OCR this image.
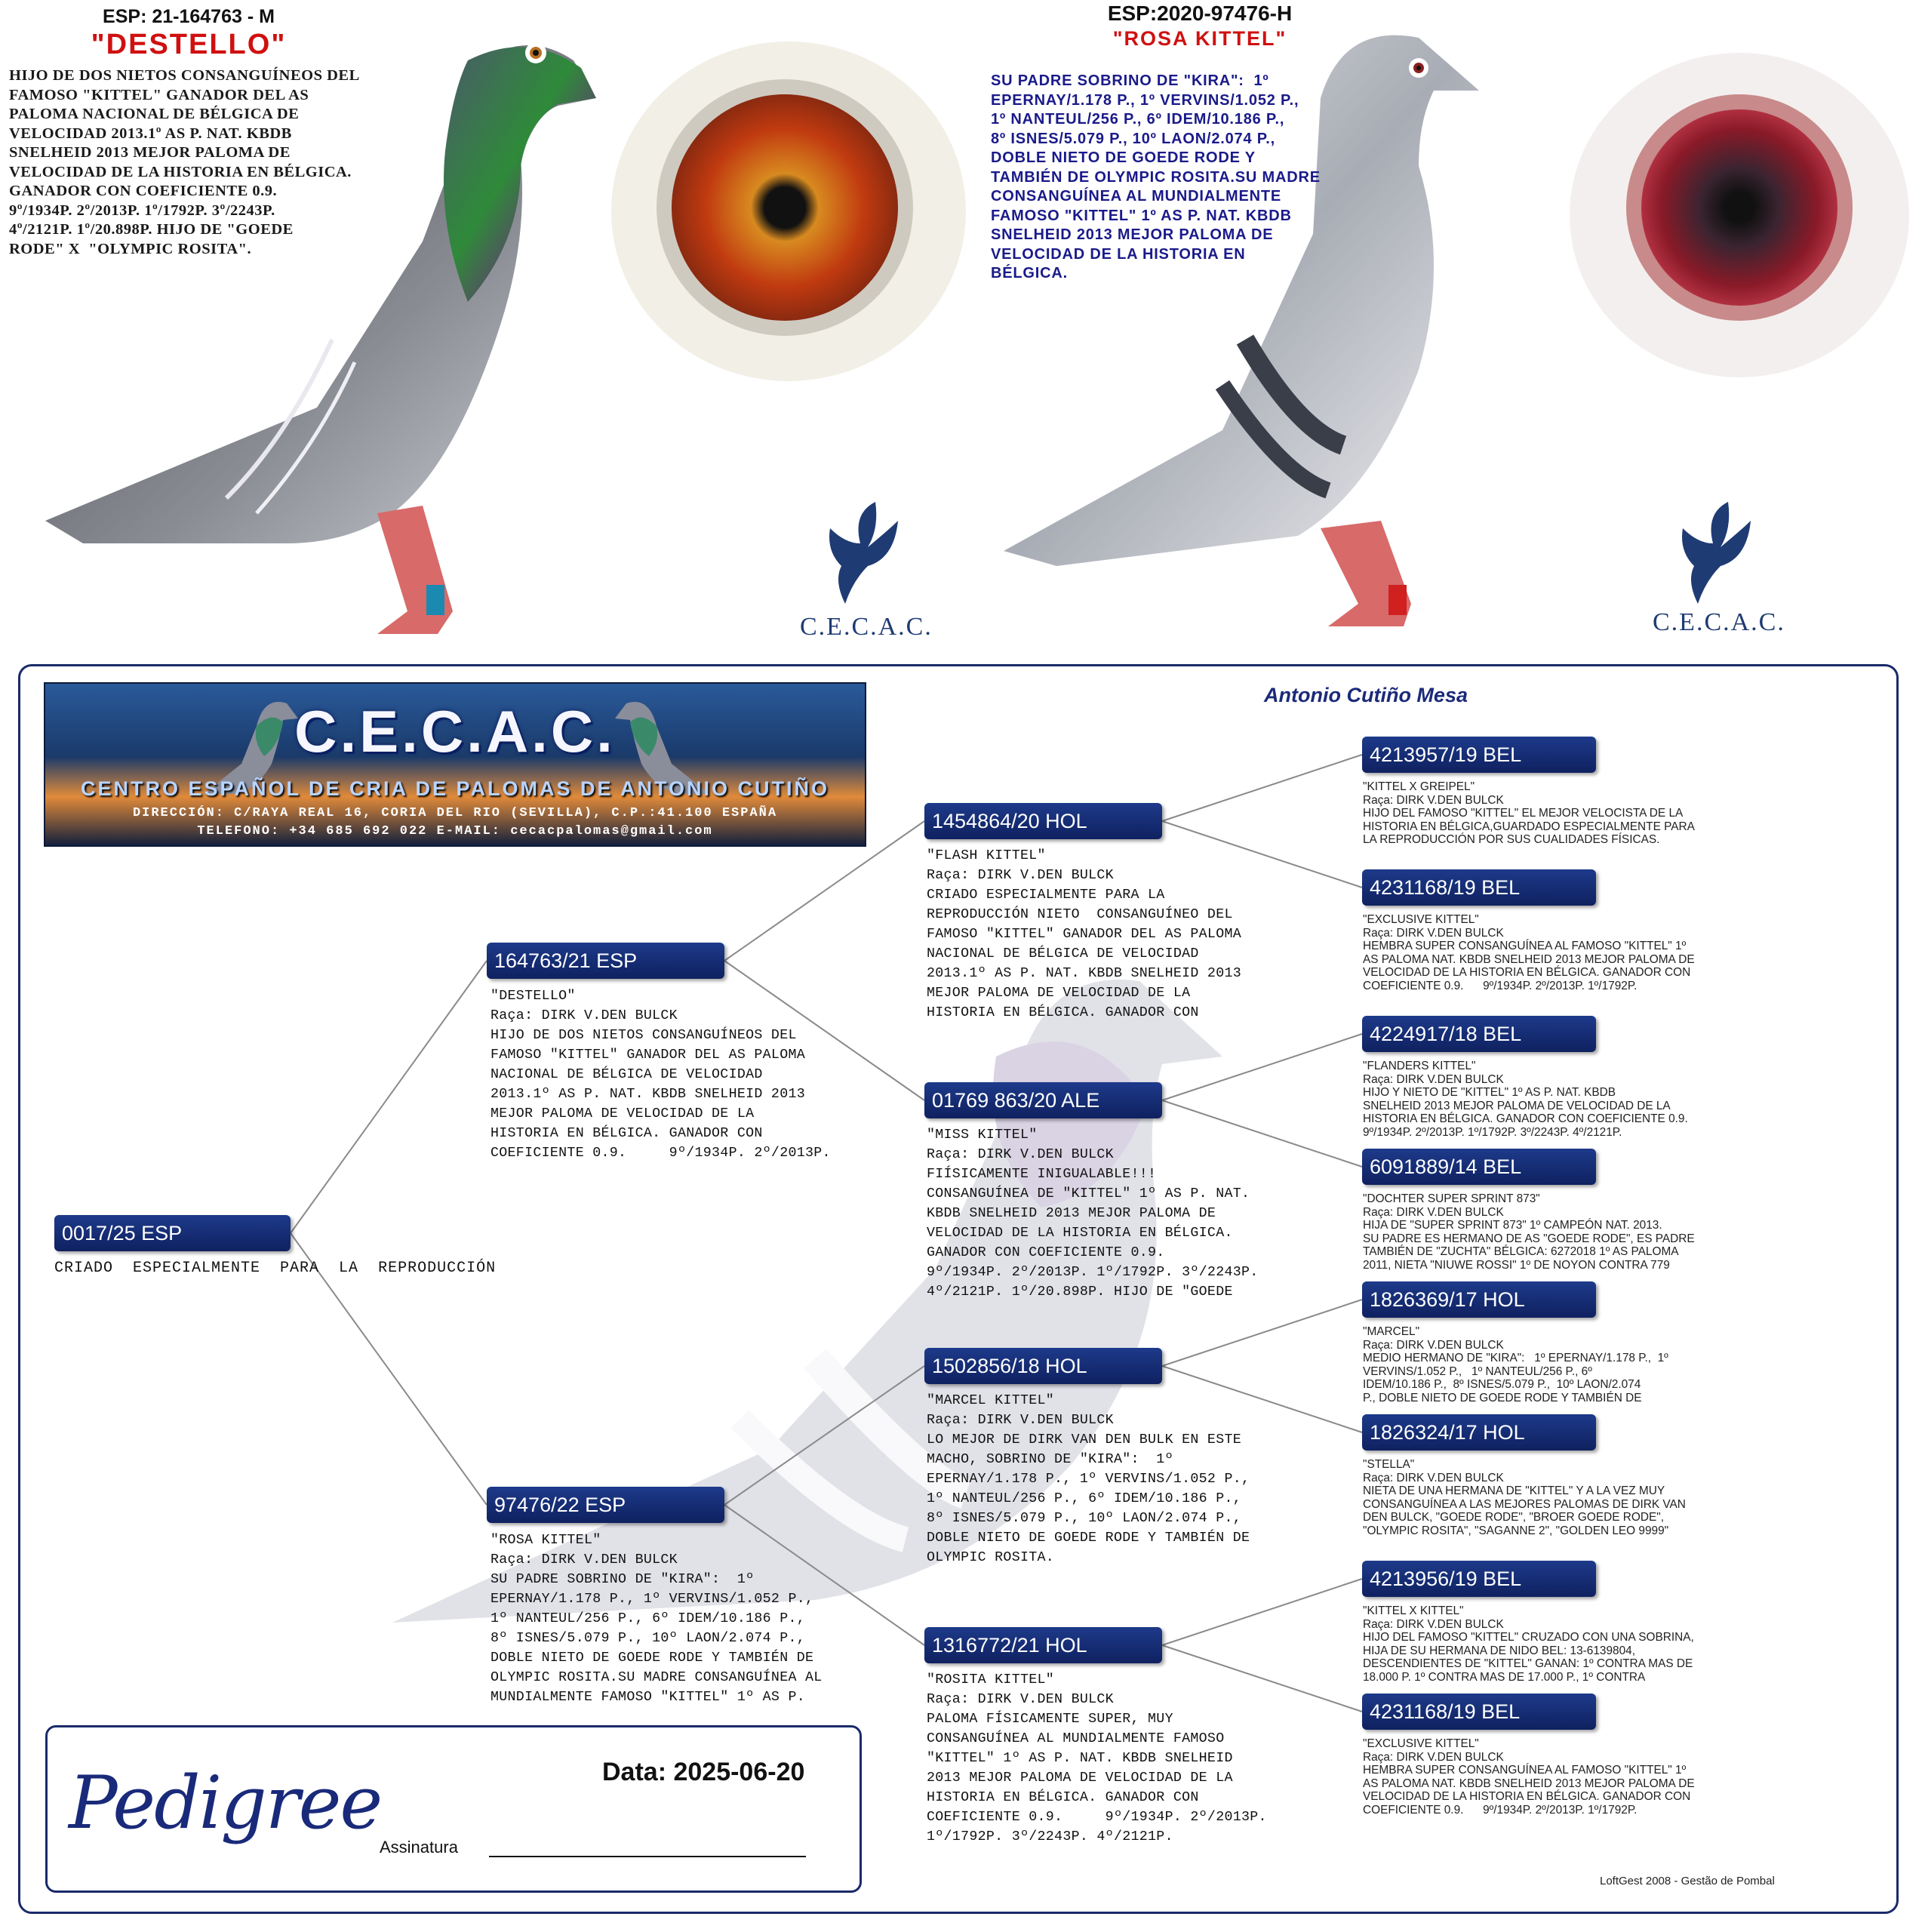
ESP: 21-164763 - M
"DESTELLO"
HIJO DE DOS NIETOS CONSANGUÍNEOS DEL
FAMOSO "KITTEL" GANADOR DEL AS
PALOMA NACIONAL DE BÉLGICA DE
VELOCIDAD 2013.1º AS P. NAT. KBDB
SNELHEID 2013 MEJOR PALOMA DE
VELOCIDAD DE LA HISTORIA EN BÉLGICA.
GANADOR CON COEFICIENTE 0.9.
9º/1934P. 2º/2013P. 1º/1792P. 3º/2243P.
4º/2121P. 1º/20.898P. HIJO DE "GOEDE
RODE" X  "OLYMPIC ROSITA".
C.E.C.A.C.
ESP:2020-97476-H
"ROSA KITTEL"
SU PADRE SOBRINO DE "KIRA":  1º
EPERNAY/1.178 P., 1º VERVINS/1.052 P.,
1º NANTEUL/256 P., 6º IDEM/10.186 P.,
8º ISNES/5.079 P., 10º LAON/2.074 P.,
DOBLE NIETO DE GOEDE RODE Y
TAMBIÉN DE OLYMPIC ROSITA.SU MADRE
CONSANGUÍNEA AL MUNDIALMENTE
FAMOSO "KITTEL" 1º AS P. NAT. KBDB
SNELHEID 2013 MEJOR PALOMA DE
VELOCIDAD DE LA HISTORIA EN
BÉLGICA.
C.E.C.A.C.
C.E.C.A.C.
CENTRO ESPAÑOL DE CRIA DE PALOMAS DE ANTONIO CUTIÑO
DIRECCIÓN: C/RAYA REAL 16, CORIA DEL RIO (SEVILLA), C.P.:41.100 ESPAÑA
TELEFONO: +34 685 692 022 E-MAIL: cecacpalomas@gmail.com
Antonio Cutiño Mesa
0017/25 ESP
CRIADO  ESPECIALMENTE  PARA  LA  REPRODUCCIÓN
164763/21 ESP
"DESTELLO"
Raça: DIRK V.DEN BULCK
HIJO DE DOS NIETOS CONSANGUÍNEOS DEL
FAMOSO "KITTEL" GANADOR DEL AS PALOMA
NACIONAL DE BÉLGICA DE VELOCIDAD
2013.1º AS P. NAT. KBDB SNELHEID 2013
MEJOR PALOMA DE VELOCIDAD DE LA
HISTORIA EN BÉLGICA. GANADOR CON
COEFICIENTE 0.9.     9º/1934P. 2º/2013P.
97476/22 ESP
"ROSA KITTEL"
Raça: DIRK V.DEN BULCK
SU PADRE SOBRINO DE "KIRA":  1º
EPERNAY/1.178 P., 1º VERVINS/1.052 P.,
1º NANTEUL/256 P., 6º IDEM/10.186 P.,
8º ISNES/5.079 P., 10º LAON/2.074 P.,
DOBLE NIETO DE GOEDE RODE Y TAMBIÉN DE
OLYMPIC ROSITA.SU MADRE CONSANGUÍNEA AL
MUNDIALMENTE FAMOSO "KITTEL" 1º AS P.
1454864/20 HOL
"FLASH KITTEL"
Raça: DIRK V.DEN BULCK
CRIADO ESPECIALMENTE PARA LA
REPRODUCCIÓN NIETO  CONSANGUÍNEO DEL
FAMOSO "KITTEL" GANADOR DEL AS PALOMA
NACIONAL DE BÉLGICA DE VELOCIDAD
2013.1º AS P. NAT. KBDB SNELHEID 2013
MEJOR PALOMA DE VELOCIDAD DE LA
HISTORIA EN BÉLGICA. GANADOR CON
01769 863/20 ALE
"MISS KITTEL"
Raça: DIRK V.DEN BULCK
FIÍSICAMENTE INIGUALABLE!!!
CONSANGUÍNEA DE "KITTEL" 1º AS P. NAT.
KBDB SNELHEID 2013 MEJOR PALOMA DE
VELOCIDAD DE LA HISTORIA EN BÉLGICA.
GANADOR CON COEFICIENTE 0.9.
9º/1934P. 2º/2013P. 1º/1792P. 3º/2243P.
4º/2121P. 1º/20.898P. HIJO DE "GOEDE
1502856/18 HOL
"MARCEL KITTEL"
Raça: DIRK V.DEN BULCK
LO MEJOR DE DIRK VAN DEN BULK EN ESTE
MACHO, SOBRINO DE "KIRA":  1º
EPERNAY/1.178 P., 1º VERVINS/1.052 P.,
1º NANTEUL/256 P., 6º IDEM/10.186 P.,
8º ISNES/5.079 P., 10º LAON/2.074 P.,
DOBLE NIETO DE GOEDE RODE Y TAMBIÉN DE
OLYMPIC ROSITA.
1316772/21 HOL
"ROSITA KITTEL"
Raça: DIRK V.DEN BULCK
PALOMA FÍSICAMENTE SUPER, MUY
CONSANGUÍNEA AL MUNDIALMENTE FAMOSO
"KITTEL" 1º AS P. NAT. KBDB SNELHEID
2013 MEJOR PALOMA DE VELOCIDAD DE LA
HISTORIA EN BÉLGICA. GANADOR CON
COEFICIENTE 0.9.     9º/1934P. 2º/2013P.
1º/1792P. 3º/2243P. 4º/2121P.
4213957/19 BEL
"KITTEL X GREIPEL"
Raça: DIRK V.DEN BULCK
HIJO DEL FAMOSO "KITTEL" EL MEJOR VELOCISTA DE LA
HISTORIA EN BÉLGICA,GUARDADO ESPECIALMENTE PARA
LA REPRODUCCIÓN POR SUS CUALIDADES FÍSICAS.
4231168/19 BEL
"EXCLUSIVE KITTEL"
Raça: DIRK V.DEN BULCK
HEMBRA SUPER CONSANGUÍNEA AL FAMOSO "KITTEL" 1º
AS PALOMA NAT. KBDB SNELHEID 2013 MEJOR PALOMA DE
VELOCIDAD DE LA HISTORIA EN BÉLGICA. GANADOR CON
COEFICIENTE 0.9.      9º/1934P. 2º/2013P. 1º/1792P.
4224917/18 BEL
"FLANDERS KITTEL"
Raça: DIRK V.DEN BULCK
HIJO Y NIETO DE "KITTEL" 1º AS P. NAT. KBDB
SNELHEID 2013 MEJOR PALOMA DE VELOCIDAD DE LA
HISTORIA EN BÉLGICA. GANADOR CON COEFICIENTE 0.9.
9º/1934P. 2º/2013P. 1º/1792P. 3º/2243P. 4º/2121P.
6091889/14 BEL
"DOCHTER SUPER SPRINT 873"
Raça: DIRK V.DEN BULCK
HIJA DE "SUPER SPRINT 873" 1º CAMPEÓN NAT. 2013.
SU PADRE ES HERMANO DE AS "GOEDE RODE", ES PADRE
TAMBIÉN DE "ZUCHTA" BÉLGICA: 6272018 1º AS PALOMA
2011, NIETA "NIUWE ROSSI" 1º DE NOYON CONTRA 779
1826369/17 HOL
"MARCEL"
Raça: DIRK V.DEN BULCK
MEDIO HERMANO DE "KIRA":   1º EPERNAY/1.178 P.,  1º
VERVINS/1.052 P.,   1º NANTEUL/256 P., 6º
IDEM/10.186 P.,  8º ISNES/5.079 P.,  10º LAON/2.074
P., DOBLE NIETO DE GOEDE RODE Y TAMBIÉN DE
1826324/17 HOL
"STELLA"
Raça: DIRK V.DEN BULCK
NIETA DE UNA HERMANA DE "KITTEL" Y A LA VEZ MUY
CONSANGUÍNEA A LAS MEJORES PALOMAS DE DIRK VAN
DEN BULCK, "GOEDE RODE", "BROER GOEDE RODE",
"OLYMPIC ROSITA", "SAGANNE 2", "GOLDEN LEO 9999"
4213956/19 BEL
"KITTEL X KITTEL"
Raça: DIRK V.DEN BULCK
HIJO DEL FAMOSO "KITTEL" CRUZADO CON UNA SOBRINA,
HIJA DE SU HERMANA DE NIDO BEL: 13-6139804,
DESCENDIENTES DE "KITTEL" GANAN: 1º CONTRA MAS DE
18.000 P. 1º CONTRA MAS DE 17.000 P., 1º CONTRA
4231168/19 BEL
"EXCLUSIVE KITTEL"
Raça: DIRK V.DEN BULCK
HEMBRA SUPER CONSANGUÍNEA AL FAMOSO "KITTEL" 1º
AS PALOMA NAT. KBDB SNELHEID 2013 MEJOR PALOMA DE
VELOCIDAD DE LA HISTORIA EN BÉLGICA. GANADOR CON
COEFICIENTE 0.9.      9º/1934P. 2º/2013P. 1º/1792P.
Pedigree	Data: 2025-06-20
Assinatura
LoftGest 2008 - Gestão de Pombal
